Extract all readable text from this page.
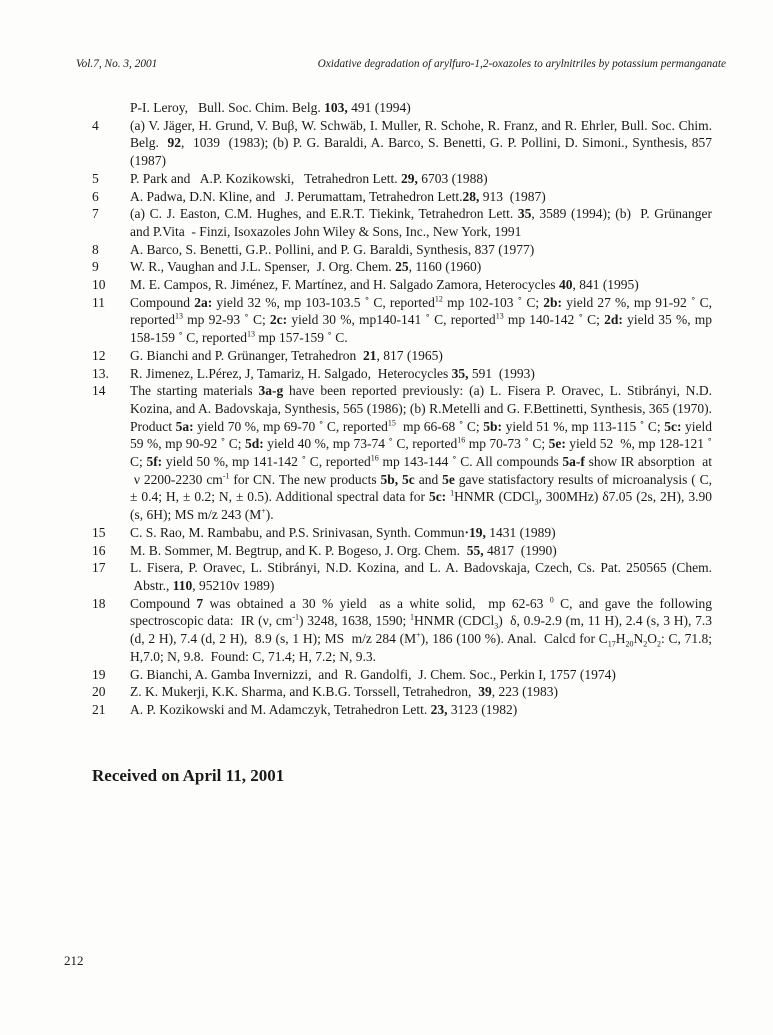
Vol.7, No. 3, 2001	Oxidative degradation of arylfuro-1,2-oxazoles to arylnitriles by potassium permanganate
P-I. Leroy,   Bull. Soc. Chim. Belg. 103, 491 (1994)
4 (a) V. Jäger, H. Grund, V. Buβ, W. Schwäb, I. Muller, R. Schohe, R. Franz, and R. Ehrler, Bull. Soc. Chim. Belg.  92,  1039  (1983); (b) P. G. Baraldi, A. Barco, S. Benetti, G. P. Pollini, D. Simoni., Synthesis, 857 (1987)
5 P. Park and   A.P. Kozikowski,   Tetrahedron Lett. 29, 6703 (1988)
6 A. Padwa, D.N. Kline, and   J. Perumattam, Tetrahedron Lett.28, 913  (1987)
7 (a) C. J. Easton, C.M. Hughes, and E.R.T. Tiekink, Tetrahedron Lett. 35, 3589 (1994); (b)  P. Grünanger and P.Vita  - Finzi, Isoxazoles John Wiley & Sons, Inc., New York, 1991
8 A. Barco, S. Benetti, G.P.. Pollini, and P. G. Baraldi, Synthesis, 837 (1977)
9 W. R., Vaughan and J.L. Spenser,  J. Org. Chem. 25, 1160 (1960)
10 M. E. Campos, R. Jiménez, F. Martínez, and H. Salgado Zamora, Heterocycles 40, 841 (1995)
11 Compound 2a: yield 32 %, mp 103-103.5 ˚ C, reported$^{12}$ mp 102-103 ˚ C; 2b: yield 27 %, mp 91-92 ˚ C, reported$^{13}$ mp 92-93 ˚ C; 2c: yield 30 %, mp140-141 ˚ C, reported$^{13}$ mp 140-142 ˚ C; 2d: yield 35 %, mp 158-159 ˚ C, reported$^{13}$ mp 157-159 ˚ C.
12 G. Bianchi and P. Grünanger, Tetrahedron  21, 817 (1965)
13. R. Jimenez, L.Pérez, J, Tamariz, H. Salgado,  Heterocycles 35, 591  (1993)
14 The starting materials 3a-g have been reported previously: (a) L. Fisera P. Oravec, L. Stibrányi, N.D. Kozina, and A. Badovskaja, Synthesis, 565 (1986); (b) R.Metelli and G. F.Bettinetti, Synthesis, 365 (1970). Product 5a: yield 70 %, mp 69-70 ˚ C, reported$^{15}$  mp 66-68 ˚ C; 5b: yield 51 %, mp 113-115 ˚ C; 5c: yield 59 %, mp 90-92 ˚ C; 5d: yield 40 %, mp 73-74 ˚ C, reported$^{16}$ mp 70-73 ˚ C; 5e: yield 52  %, mp 128-121 ˚ C; 5f: yield 50 %, mp 141-142 ˚ C, reported$^{16}$ mp 143-144 ˚ C. All compounds 5a-f show IR absorption  at  ν 2200-2230 $cm^{-1}$ for CN. The new products 5b, 5c and 5e gave statisfactory results of microanalysis ( C, ± 0.4; H, ± 0.2; N, ± 0.5). Additional spectral data for 5c: $^1$HNMR (CDCl$_3$, 300MHz) δ7.05 (2s, 2H), 3.90 (s, 6H); MS m/z 243 (M+).
15 C. S. Rao, M. Rambabu, and P.S. Srinivasan, Synth. Commun·19, 1431 (1989)
16 M. B. Sommer, M. Begtrup, and K. P. Bogeso, J. Org. Chem.  55, 4817  (1990)
17 L. Fisera, P. Oravec, L. Stibrányi, N.D. Kozina, and L. A. Badovskaja, Czech, Cs. Pat. 250565 (Chem.  Abstr., 110, 95210v 1989)
18 Compound 7 was obtained a 30 % yield  as a white solid,  mp 62-63 $^0$ C, and gave the following spectroscopic data:  IR (ν, $cm^{-1}$) 3248, 1638, 1590; $^1$HNMR (CDCl$_3$)  δ, 0.9-2.9 (m, 11 H), 2.4 (s, 3 H), 7.3 (d, 2 H), 7.4 (d, 2 H),  8.9 (s, 1 H); MS  m/z 284 (M+), 186 (100 %). Anal.  Calcd for $C_{17}H_{20}N_2O_2$: C, 71.8; H,7.0; N, 9.8.  Found: C, 71.4; H, 7.2; N, 9.3.
19 G. Bianchi, A. Gamba Invernizzi,  and  R. Gandolfi,  J. Chem. Soc., Perkin I, 1757 (1974)
20 Z. K. Mukerji, K.K. Sharma, and K.B.G. Torssell, Tetrahedron,  39, 223 (1983)
21 A. P. Kozikowski and M. Adamczyk, Tetrahedron Lett. 23, 3123 (1982)
Received on April 11, 2001
212
